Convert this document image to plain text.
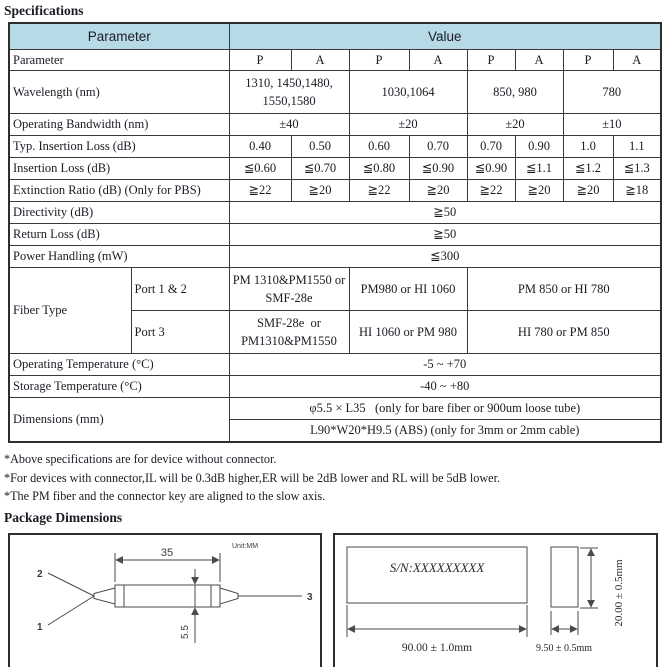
Specifications
Parameter		Value							
Parameter		P	A	P	A	P	A	P	A
Wavelength (nm)		1310, 1450,1480, 1550,1580		1030,1064		850, 980		780	
Operating Bandwidth (nm)		±40		±20		±20		±10	
Typ. Insertion Loss (dB)		0.40	0.50	0.60	0.70	0.70	0.90	1.0	1.1
Insertion Loss (dB)		≦0.60	≦0.70	≦0.80	≦0.90	≦0.90	≦1.1	≦1.2	≦1.3
Extinction Ratio (dB) (Only for PBS)		≧22	≧20	≧22	≧20	≧22	≧20	≧20	≧18
Directivity (dB)		≧50							
Return Loss (dB)		≧50							
Power Handling (mW)		≦300							
Fiber Type	Port 1 & 2	PM 1310&PM1550 or SMF-28e		PM980 or HI 1060		PM 850 or HI 780			
	Port 3	SMF-28e  or PM1310&PM1550		HI 1060 or PM 980		HI 780 or PM 850			
Operating Temperature (°C)		-5 ~ +70							
Storage Temperature (°C)		-40 ~ +80							
Dimensions (mm)		φ5.5 × L35   (only for bare fiber or 900um loose tube)							
		L90*W20*H9.5 (ABS) (only for 3mm or 2mm cable)							
*Above specifications are for device without connector.
*For devices with connector,IL will be 0.3dB higher,ER will be 2dB lower and RL will be 5dB lower.
*The PM fiber and the connector key are aligned to the slow axis.
Package Dimensions
Unit:MM
35
2
1
3
5.5
S/N:XXXXXXXXX
90.00 ± 1.0mm	9.50 ± 0.5mm
20.00 ± 0.5mm
